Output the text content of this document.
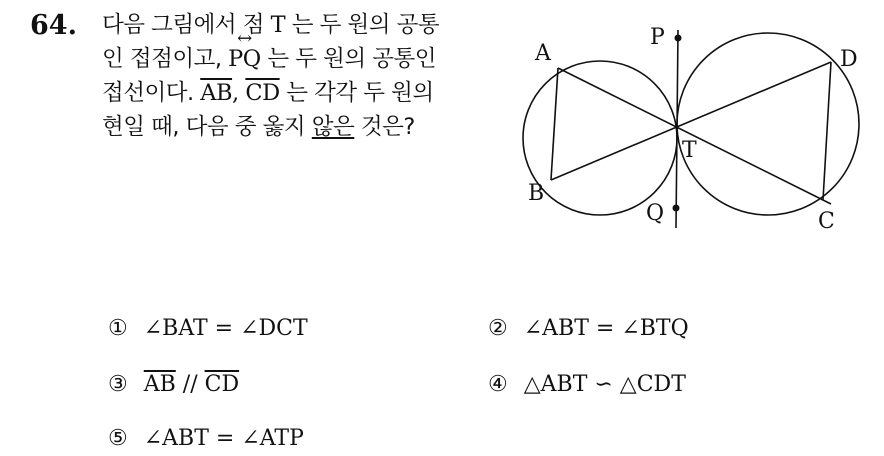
64. 다음 그림에서 점 T 는 두 원의 공통
인 접점이고, ↔ PQ 는 두 원의 공통인
접선이다. $\overline{AB}$, $\overline{CD}$ 는 각각 두 원의
현일 때, 다음 중 옳지 않은 것은?
P
Q
A
B
C
D
T
① ∠BAT = ∠DCT	② ∠ABT = ∠BTQ
③ $\overline{AB} // \overline{CD}$	④ △ABT ∽ △CDT
⑤ ∠ABT = ∠ATP
